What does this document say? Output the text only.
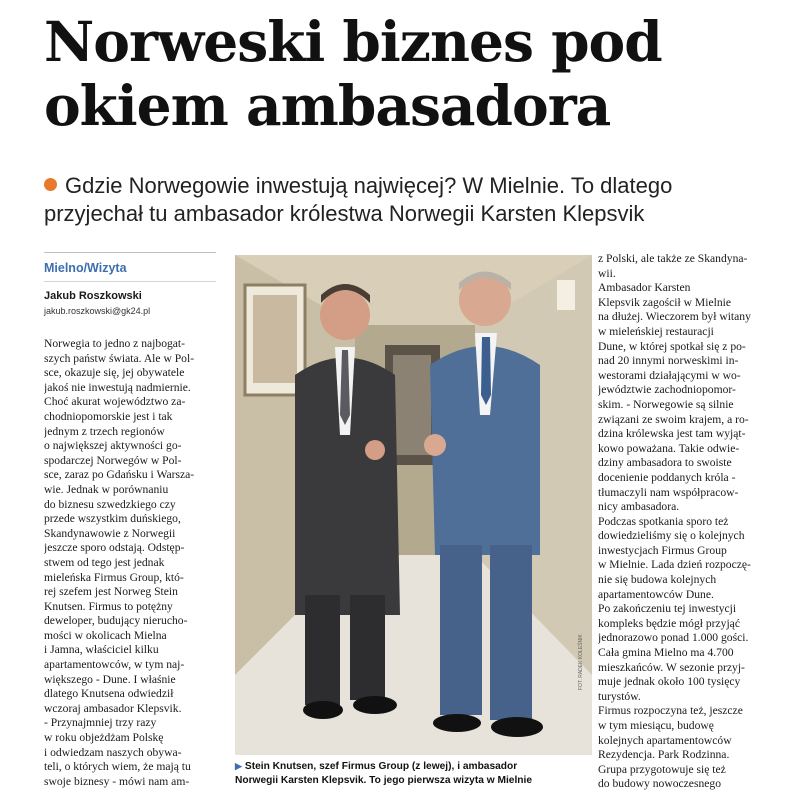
Norweski biznes pod
okiem ambasadora
Gdzie Norwegowie inwestują najwięcej? W Mielnie. To dlatego
przyjechał tu ambasador królestwa Norwegii Karsten Klepsvik
Mielno/Wizyta
Jakub Roszkowski
jakub.roszkowski@gk24.pl
Norwegia to jedno z najbogat-
szych państw świata. Ale w Pol-
sce, okazuje się, jej obywatele
jakoś nie inwestują nadmiernie.
Choć akurat województwo za-
chodniopomorskie jest i tak
jednym z trzech regionów
o największej aktywności go-
spodarczej Norwegów w Pol-
sce, zaraz po Gdańsku i Warsza-
wie. Jednak w porównaniu
do biznesu szwedzkiego czy
przede wszystkim duńskiego,
Skandynawowie z Norwegii
jeszcze sporo odstają. Odstęp-
stwem od tego jest jednak
mieleńska Firmus Group, któ-
rej szefem jest Norweg Stein
Knutsen. Firmus to potężny
deweloper, budujący nierucho-
mości w okolicach Mielna
i Jamna, właściciel kilku
apartamentowców, w tym naj-
większego - Dune. I właśnie
dlatego Knutsena odwiedził
wczoraj ambasador Klepsvik.
- Przynajmniej trzy razy
w roku objeżdżam Polskę
i odwiedzam naszych obywa-
teli, o których wiem, że mają tu
swoje biznesy - mówi nam am-
FOT. RADEK KOLEŚNIK
▶ Stein Knutsen, szef Firmus Group (z lewej), i ambasador
Norwegii Karsten Klepsvik. To jego pierwsza wizyta w Mielnie
z Polski, ale także ze Skandyna-
wii.
Ambasador Karsten
Klepsvik zagościł w Mielnie
na dłużej. Wieczorem był witany
w mieleńskiej restauracji
Dune, w której spotkał się z po-
nad 20 innymi norweskimi in-
westorami działającymi w wo-
jewództwie zachodniopomor-
skim. - Norwegowie są silnie
związani ze swoim krajem, a ro-
dzina królewska jest tam wyjąt-
kowo poważana. Takie odwie-
dziny ambasadora to swoiste
docenienie poddanych króla -
tłumaczyli nam współpracow-
nicy ambasadora.
Podczas spotkania sporo też
dowiedzieliśmy się o kolejnych
inwestycjach Firmus Group
w Mielnie. Lada dzień rozpoczę-
nie się budowa kolejnych
apartamentowców Dune.
Po zakończeniu tej inwestycji
kompleks będzie mógł przyjąć
jednorazowo ponad 1.000 gości.
Cała gmina Mielno ma 4.700
mieszkańców. W sezonie przyj-
muje jednak około 100 tysięcy
turystów.
Firmus rozpoczyna też, jeszcze
w tym miesiącu, budowę
kolejnych apartamentowców
Rezydencja. Park Rodzinna.
Grupa przygotowuje się też
do budowy nowoczesnego
